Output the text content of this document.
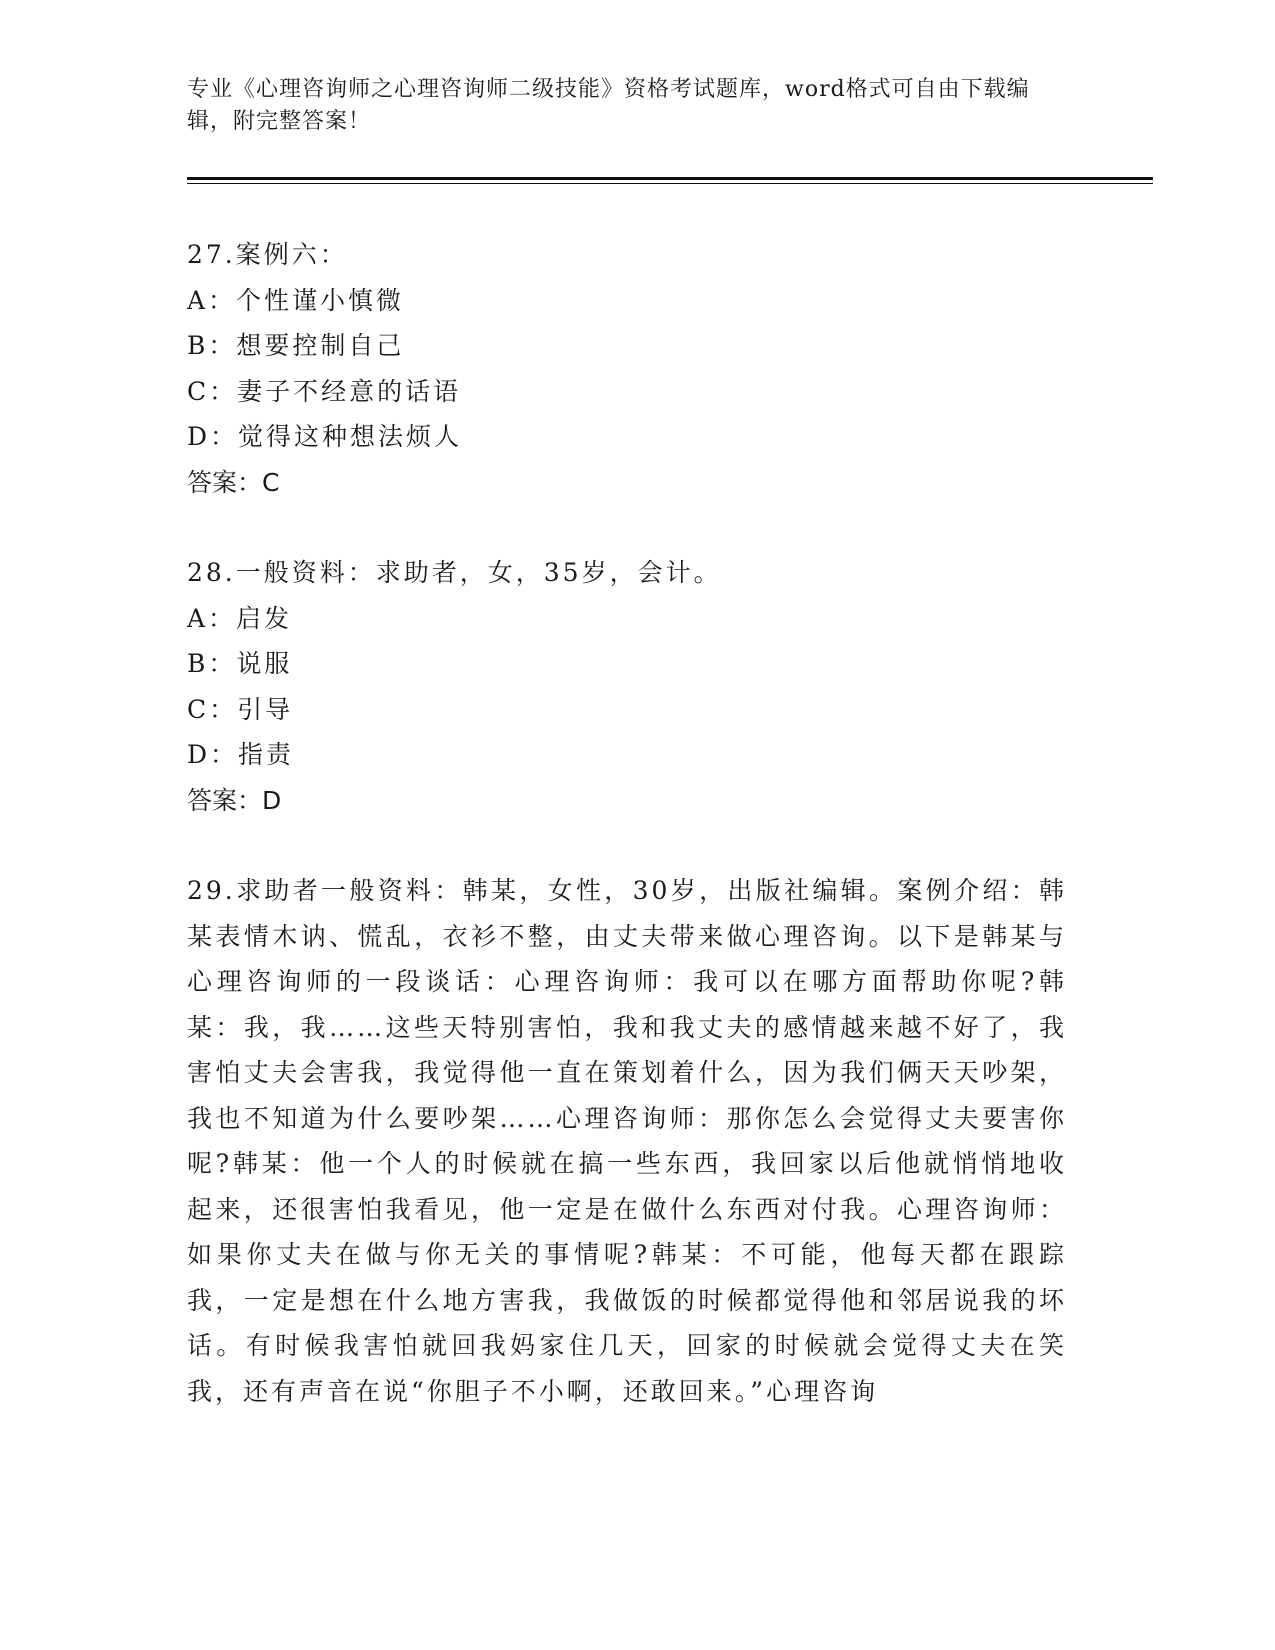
专业《心理咨询师之心理咨询师二级技能》资格考试题库，word格式可自由下载编辑，附完整答案！

27.案例六：

A：个性谨小慎微

B：想要控制自己

C：妻子不经意的话语

D：觉得这种想法烦人

答案：C

28.一般资料：求助者，女，35岁，会计。

A：启发

B：说服

C：引导

D：指责

答案：D

29.求助者一般资料：韩某，女性，30岁，出版社编辑。案例介绍：韩某表情木讷、慌乱，衣衫不整，由丈夫带来做心理咨询。以下是韩某与心理咨询师的一段谈话：心理咨询师：我可以在哪方面帮助你呢?韩某：我，我……这些天特别害怕，我和我丈夫的感情越来越不好了，我害怕丈夫会害我，我觉得他一直在策划着什么，因为我们俩天天吵架，我也不知道为什么要吵架……心理咨询师：那你怎么会觉得丈夫要害你呢?韩某：他一个人的时候就在搞一些东西，我回家以后他就悄悄地收起来，还很害怕我看见，他一定是在做什么东西对付我。心理咨询师：如果你丈夫在做与你无关的事情呢?韩某：不可能，他每天都在跟踪我，一定是想在什么地方害我，我做饭的时候都觉得他和邻居说我的坏话。有时候我害怕就回我妈家住几天，回家的时候就会觉得丈夫在笑我，还有声音在说“你胆子不小啊，还敢回来。”心理咨询
